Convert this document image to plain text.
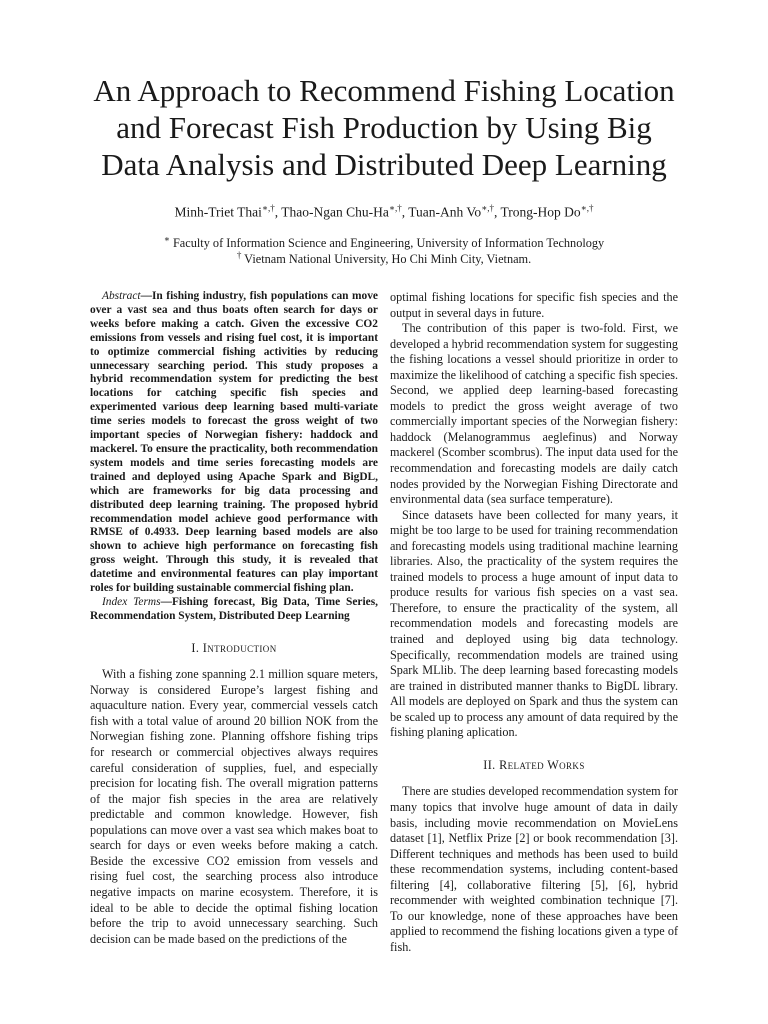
An Approach to Recommend Fishing Location
and Forecast Fish Production by Using Big
Data Analysis and Distributed Deep Learning
Minh-Triet Thai∗,†, Thao-Ngan Chu-Ha∗,†, Tuan-Anh Vo∗,†, Trong-Hop Do∗,†
∗ Faculty of Information Science and Engineering, University of Information Technology
† Vietnam National University, Ho Chi Minh City, Vietnam.

Abstract—In fishing industry, fish populations can move over a vast sea and thus boats often search for days or weeks before making a catch. Given the excessive CO2 emissions from vessels and rising fuel cost, it is important to optimize commercial fishing activities by reducing unnecessary searching period. This study proposes a hybrid recommendation system for predicting the best locations for catching specific fish species and experimented various deep learning based multi-variate time series models to forecast the gross weight of two important species of Norwegian fishery: haddock and mackerel. To ensure the practicality, both recommendation system models and time series forecasting models are trained and deployed using Apache Spark and BigDL, which are frameworks for big data processing and distributed deep learning training. The proposed hybrid recommendation model achieve good performance with RMSE of 0.4933. Deep learning based models are also shown to achieve high performance on forecasting fish gross weight. Through this study, it is revealed that datetime and environmental features can play important roles for building sustainable commercial fishing plan.

Index Terms—Fishing forecast, Big Data, Time Series, Recommendation System, Distributed Deep Learning

I. Introduction

With a fishing zone spanning 2.1 million square meters, Norway is considered Europe’s largest fishing and aquaculture nation. Every year, commercial vessels catch fish with a total value of around 20 billion NOK from the Norwegian fishing zone. Planning offshore fishing trips for research or commercial objectives always requires careful consideration of supplies, fuel, and especially precision for locating fish. The overall migration patterns of the major fish species in the area are relatively predictable and common knowledge. However, fish populations can move over a vast sea which makes boat to search for days or even weeks before making a catch. Beside the excessive CO2 emission from vessels and rising fuel cost, the searching process also introduce negative impacts on marine ecosystem. Therefore, it is ideal to be able to decide the optimal fishing location before the trip to avoid unnecessary searching. Such decision can be made based on the predictions of the

optimal fishing locations for specific fish species and the output in several days in future.

The contribution of this paper is two-fold. First, we developed a hybrid recommendation system for suggesting the fishing locations a vessel should prioritize in order to maximize the likelihood of catching a specific fish species. Second, we applied deep learning-based forecasting models to predict the gross weight average of two commercially important species of the Norwegian fishery: haddock (Melanogrammus aeglefinus) and Norway mackerel (Scomber scombrus). The input data used for the recommendation and forecasting models are daily catch nodes provided by the Norwegian Fishing Directorate and environmental data (sea surface temperature).

Since datasets have been collected for many years, it might be too large to be used for training recommendation and forecasting models using traditional machine learning libraries. Also, the practicality of the system requires the trained models to process a huge amount of input data to produce results for various fish species on a vast sea. Therefore, to ensure the practicality of the system, all recommendation models and forecasting models are trained and deployed using big data technology. Specifically, recommendation models are trained using Spark MLlib. The deep learning based forecasting models are trained in distributed manner thanks to BigDL library. All models are deployed on Spark and thus the system can be scaled up to process any amount of data required by the fishing planing aplication.

II. Related Works

There are studies developed recommendation system for many topics that involve huge amount of data in daily basis, including movie recommendation on MovieLens dataset [1], Netflix Prize [2] or book recommendation [3]. Different techniques and methods has been used to build these recommendation systems, including content-based filtering [4], collaborative filtering [5], [6], hybrid recommender with weighted combination technique [7]. To our knowledge, none of these approaches have been applied to recommend the fishing locations given a type of fish.
